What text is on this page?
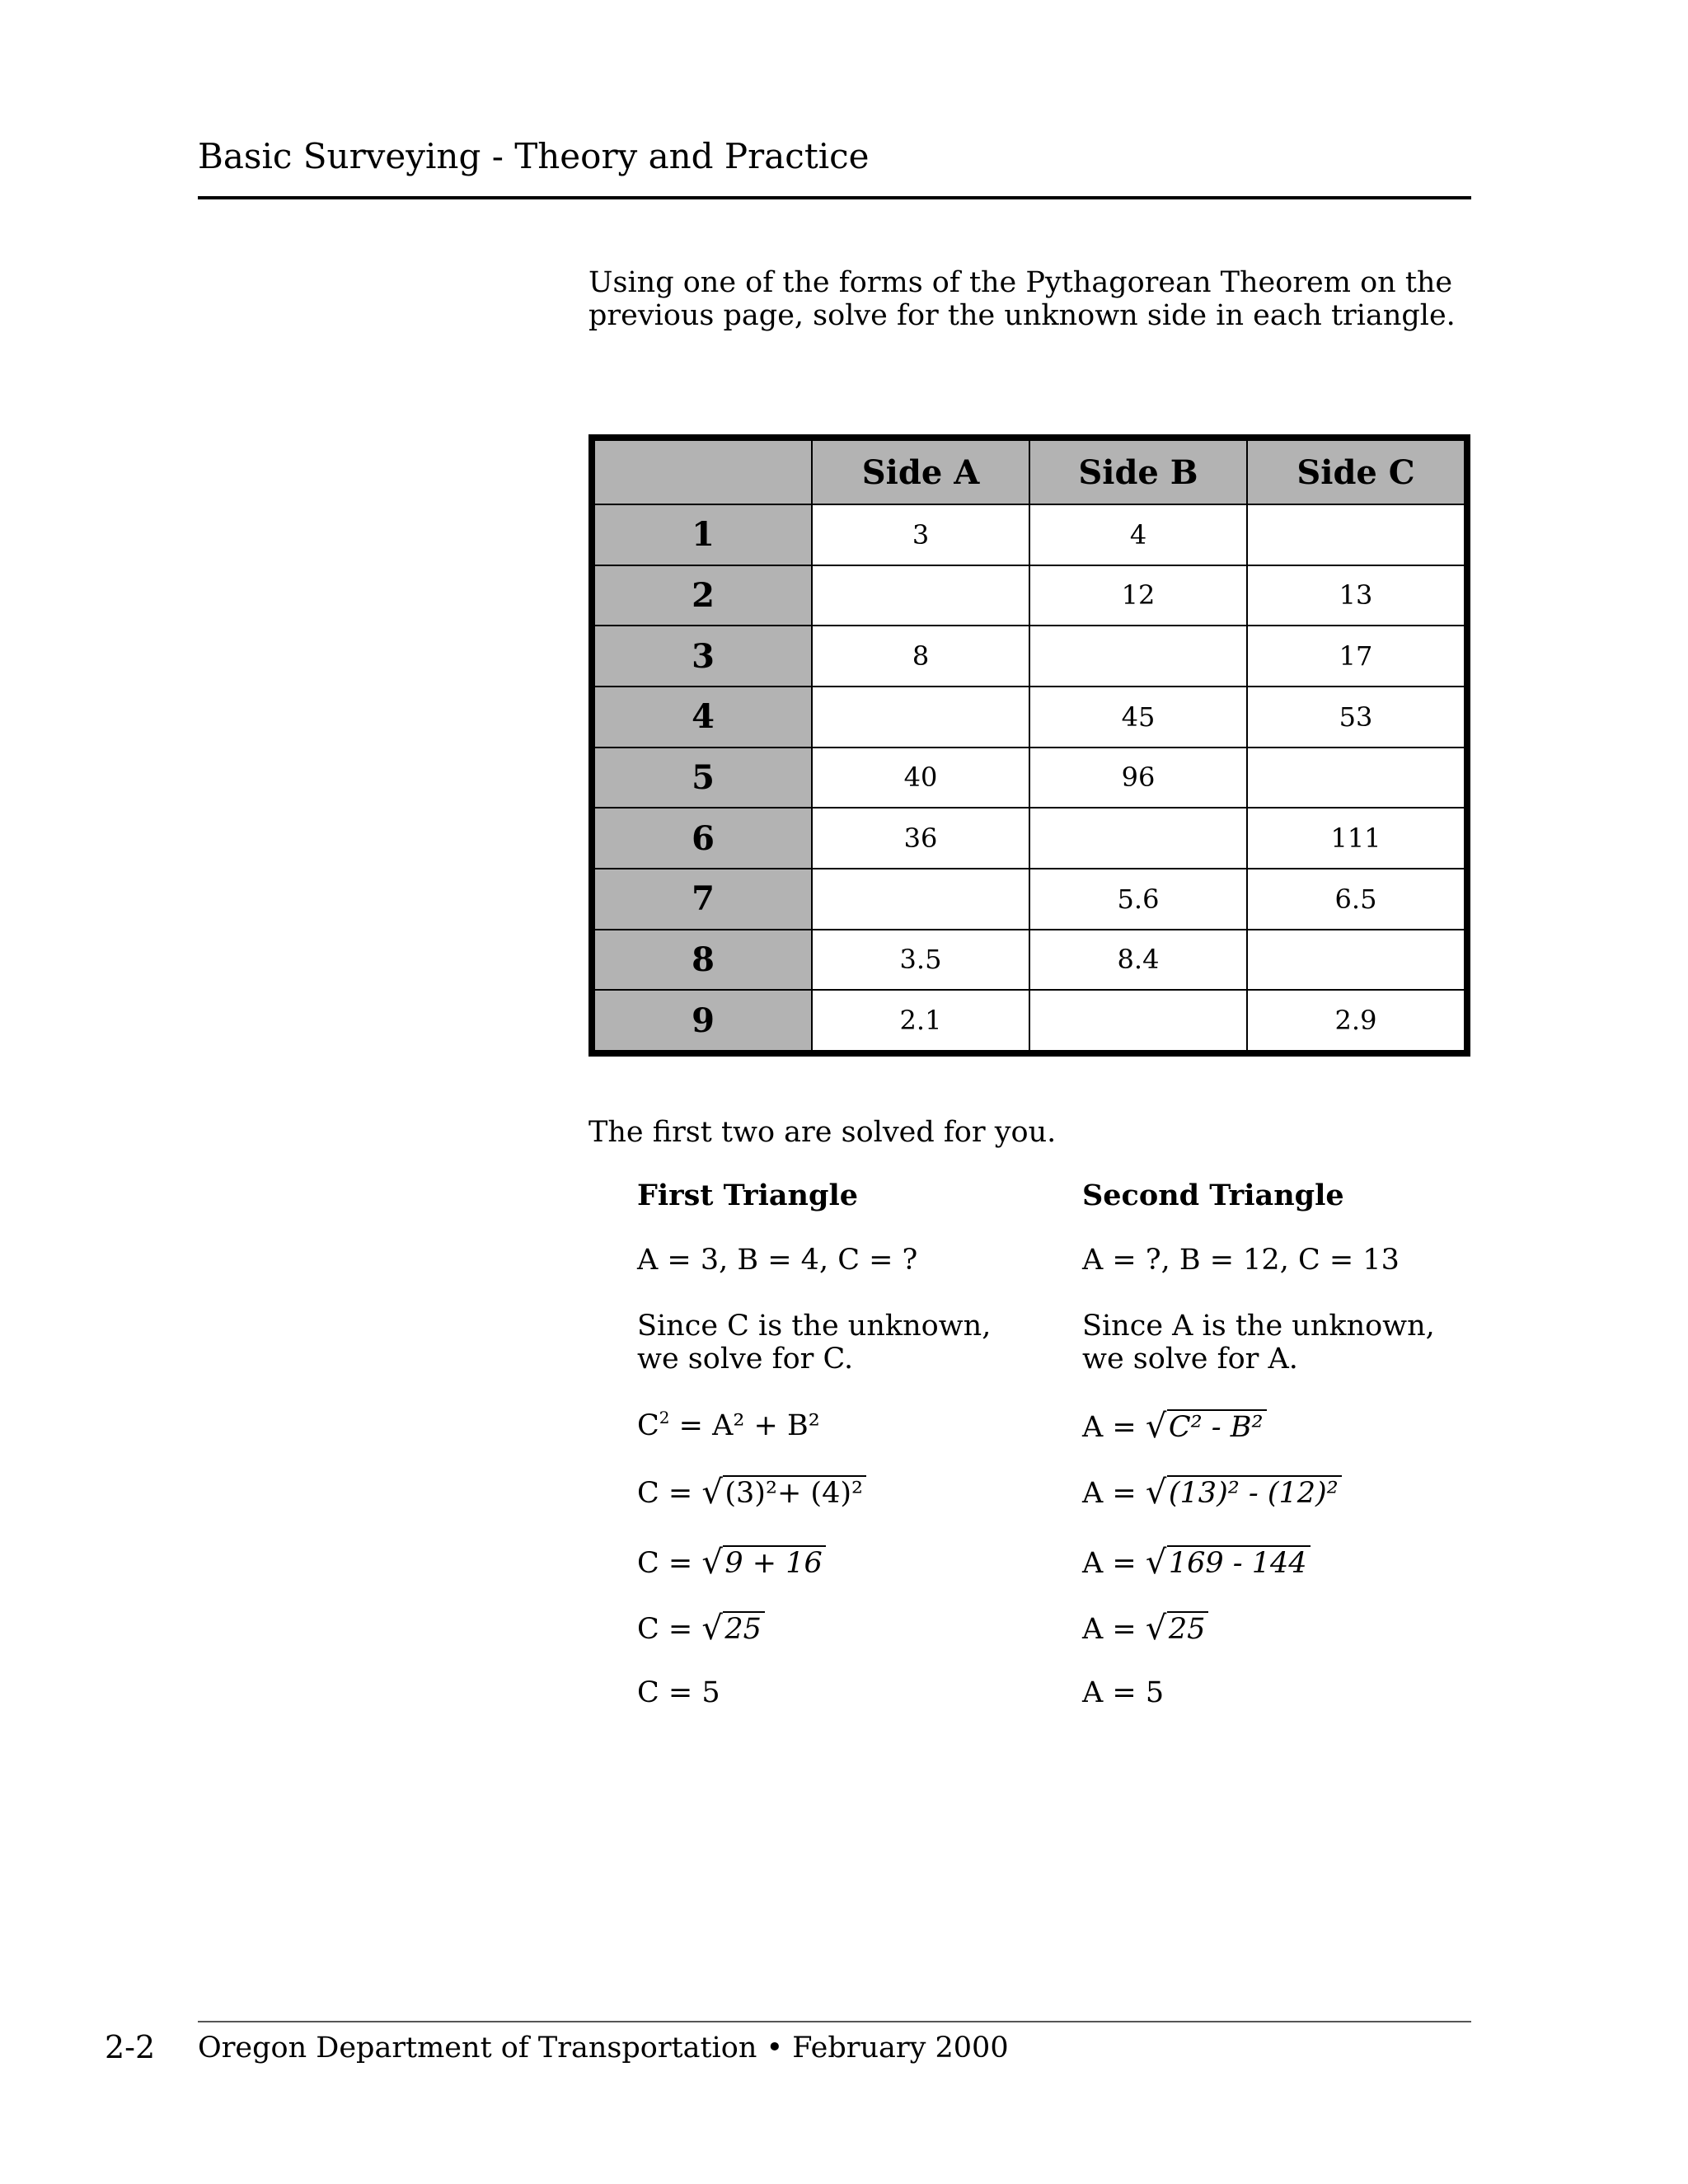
Basic Surveying - Theory and Practice
Using one of the forms of the Pythagorean Theorem on the previous page, solve for the unknown side in each triangle.
	Side A	Side B	Side C
1	3	4	
2		12	13
3	8		17
4		45	53
5	40	96	
6	36		111
7		5.6	6.5
8	3.5	8.4	
9	2.1		2.9
The first two are solved for you.
First Triangle
A = 3, B = 4, C = ?
Since C is the unknown,
we solve for C.
$C^2 = A^2 + B^2$
C = √ (3)²+ (4)²
C = √ 9 + 16
C = √ 25
C = 5
Second Triangle
A = ?, B = 12, C = 13
Since A is the unknown,
we solve for A.
A = √ C² - B²
A = √ (13)² - (12)²
A = √ 169 - 144
A = √ 25
A = 5
2-2 Oregon Department of Transportation • February 2000
